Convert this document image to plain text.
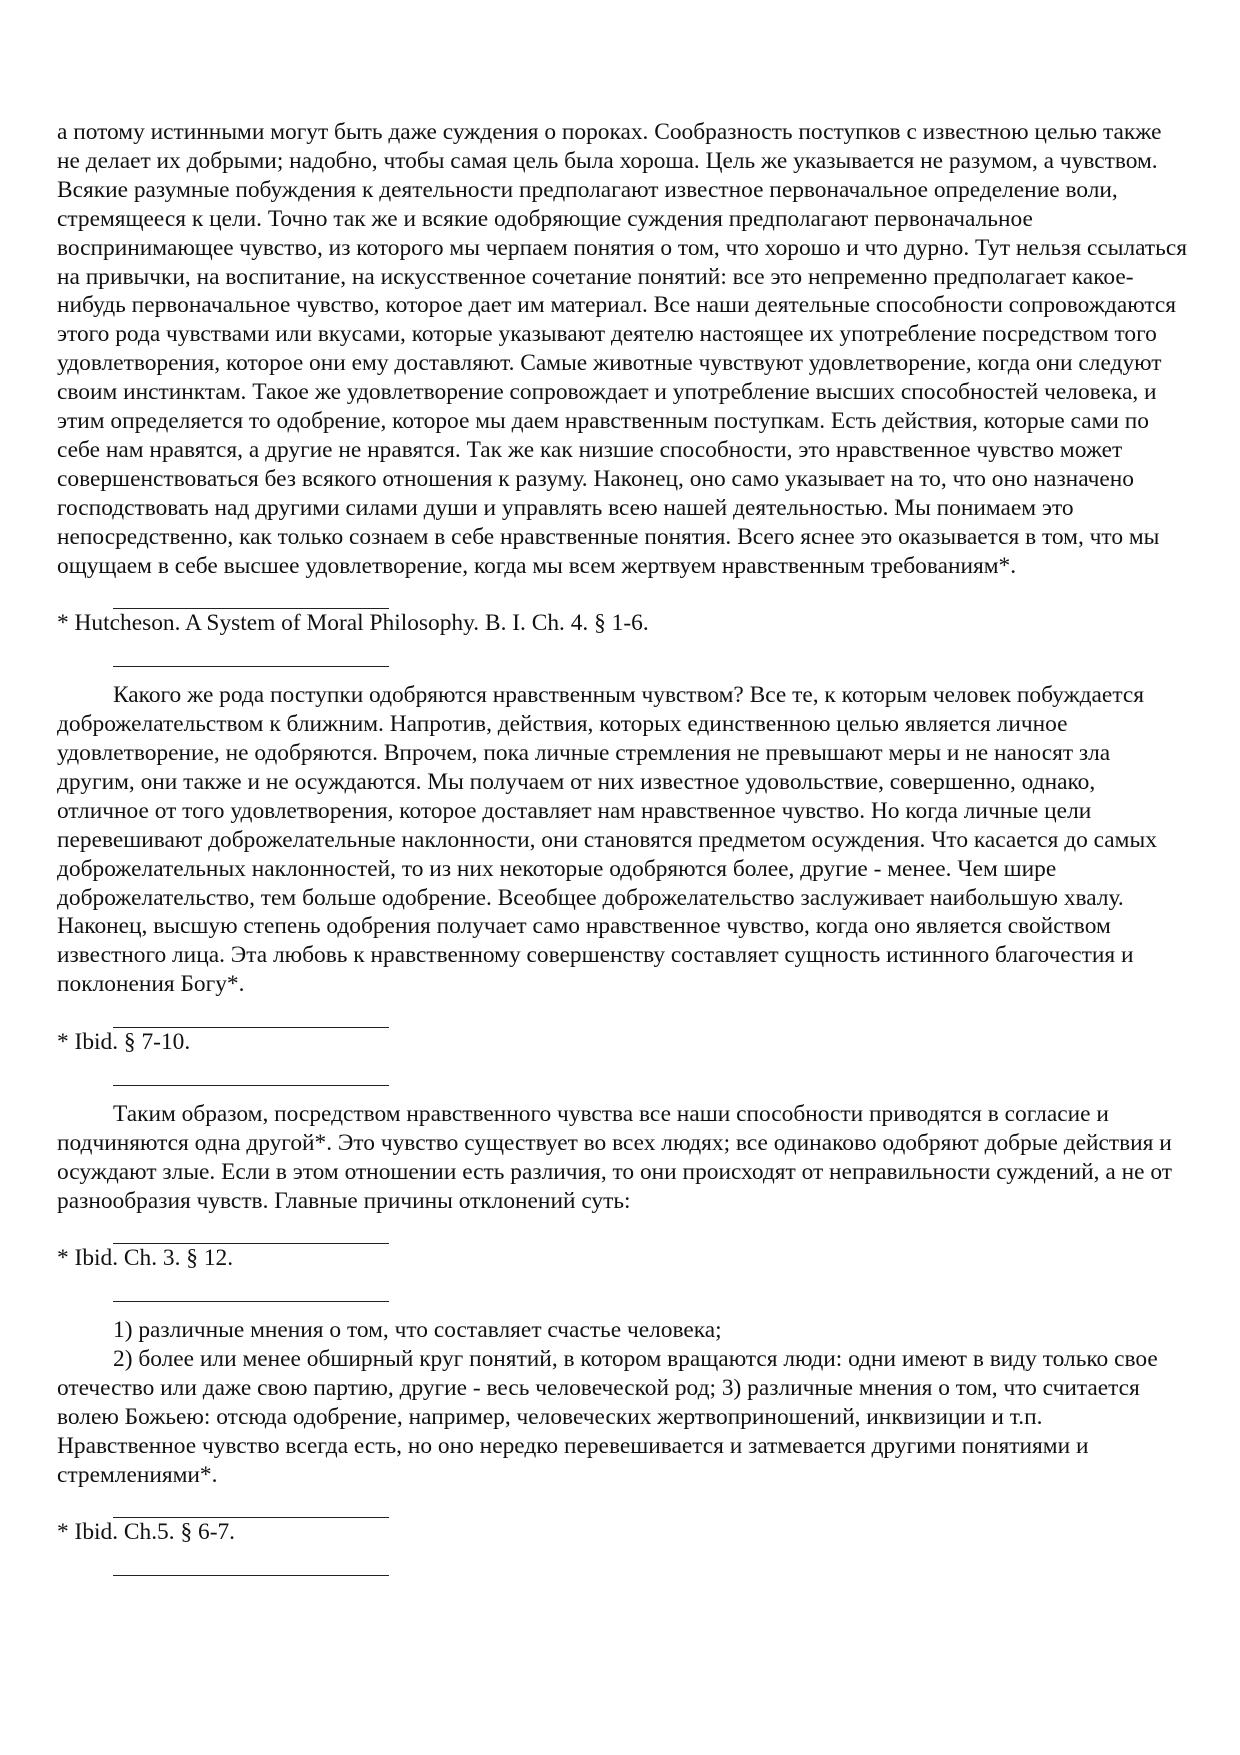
а потому истинными могут быть даже суждения о пороках. Сообразность поступков с известною целью также не делает их добрыми; надобно, чтобы самая цель была хороша. Цель же указывается не разумом, а чувством. Всякие разумные побуждения к деятельности предполагают известное первоначальное определение воли, стремящееся к цели. Точно так же и всякие одобряющие суждения предполагают первоначальное воспринимающее чувство, из которого мы черпаем понятия о том, что хорошо и что дурно. Тут нельзя ссылаться на привычки, на воспитание, на искусственное сочетание понятий: все это непременно предполагает какое-нибудь первоначальное чувство, которое дает им материал. Все наши деятельные способности сопровождаются этого рода чувствами или вкусами, которые указывают деятелю настоящее их употребление посредством того удовлетворения, которое они ему доставляют. Самые животные чувствуют удовлетворение, когда они следуют своим инстинктам. Такое же удовлетворение сопровождает и употребление высших способностей человека, и этим определяется то одобрение, которое мы даем нравственным поступкам. Есть действия, которые сами по себе нам нравятся, а другие не нравятся. Так же как низшие способности, это нравственное чувство может совершенствоваться без всякого отношения к разуму. Наконец, оно само указывает на то, что оно назначено господствовать над другими силами души и управлять всею нашей деятельностью. Мы понимаем это непосредственно, как только сознаем в себе нравственные понятия. Всего яснее это оказывается в том, что мы ощущаем в себе высшее удовлетворение, когда мы всем жертвуем нравственным требованиям*.

* Hutcheson. A System of Moral Philosophy. B. I. Ch. 4. § 1-6.

Какого же рода поступки одобряются нравственным чувством? Все те, к которым человек побуждается доброжелательством к ближним. Напротив, действия, которых единственною целью является личное удовлетворение, не одобряются. Впрочем, пока личные стремления не превышают меры и не наносят зла другим, они также и не осуждаются. Мы получаем от них известное удовольствие, совершенно, однако, отличное от того удовлетворения, которое доставляет нам нравственное чувство. Но когда личные цели перевешивают доброжелательные наклонности, они становятся предметом осуждения. Что касается до самых доброжелательных наклонностей, то из них некоторые одобряются более, другие - менее. Чем шире доброжелательство, тем больше одобрение. Всеобщее доброжелательство заслуживает наибольшую хвалу. Наконец, высшую степень одобрения получает само нравственное чувство, когда оно является свойством известного лица. Эта любовь к нравственному совершенству составляет сущность истинного благочестия и поклонения Богу*.

* Ibid. § 7-10.

Таким образом, посредством нравственного чувства все наши способности приводятся в согласие и подчиняются одна другой*. Это чувство существует во всех людях; все одинаково одобряют добрые действия и осуждают злые. Если в этом отношении есть различия, то они происходят от неправильности суждений, а не от разнообразия чувств. Главные причины отклонений суть:

* Ibid. Ch. 3. § 12.

1) различные мнения о том, что составляет счастье человека;

2) более или менее обширный круг понятий, в котором вращаются люди: одни имеют в виду только свое отечество или даже свою партию, другие - весь человеческой род; 3) различные мнения о том, что считается волею Божьею: отсюда одобрение, например, человеческих жертвоприношений, инквизиции и т.п. Нравственное чувство всегда есть, но оно нередко перевешивается и затмевается другими понятиями и стремлениями*.

* Ibid. Ch.5. § 6-7.
